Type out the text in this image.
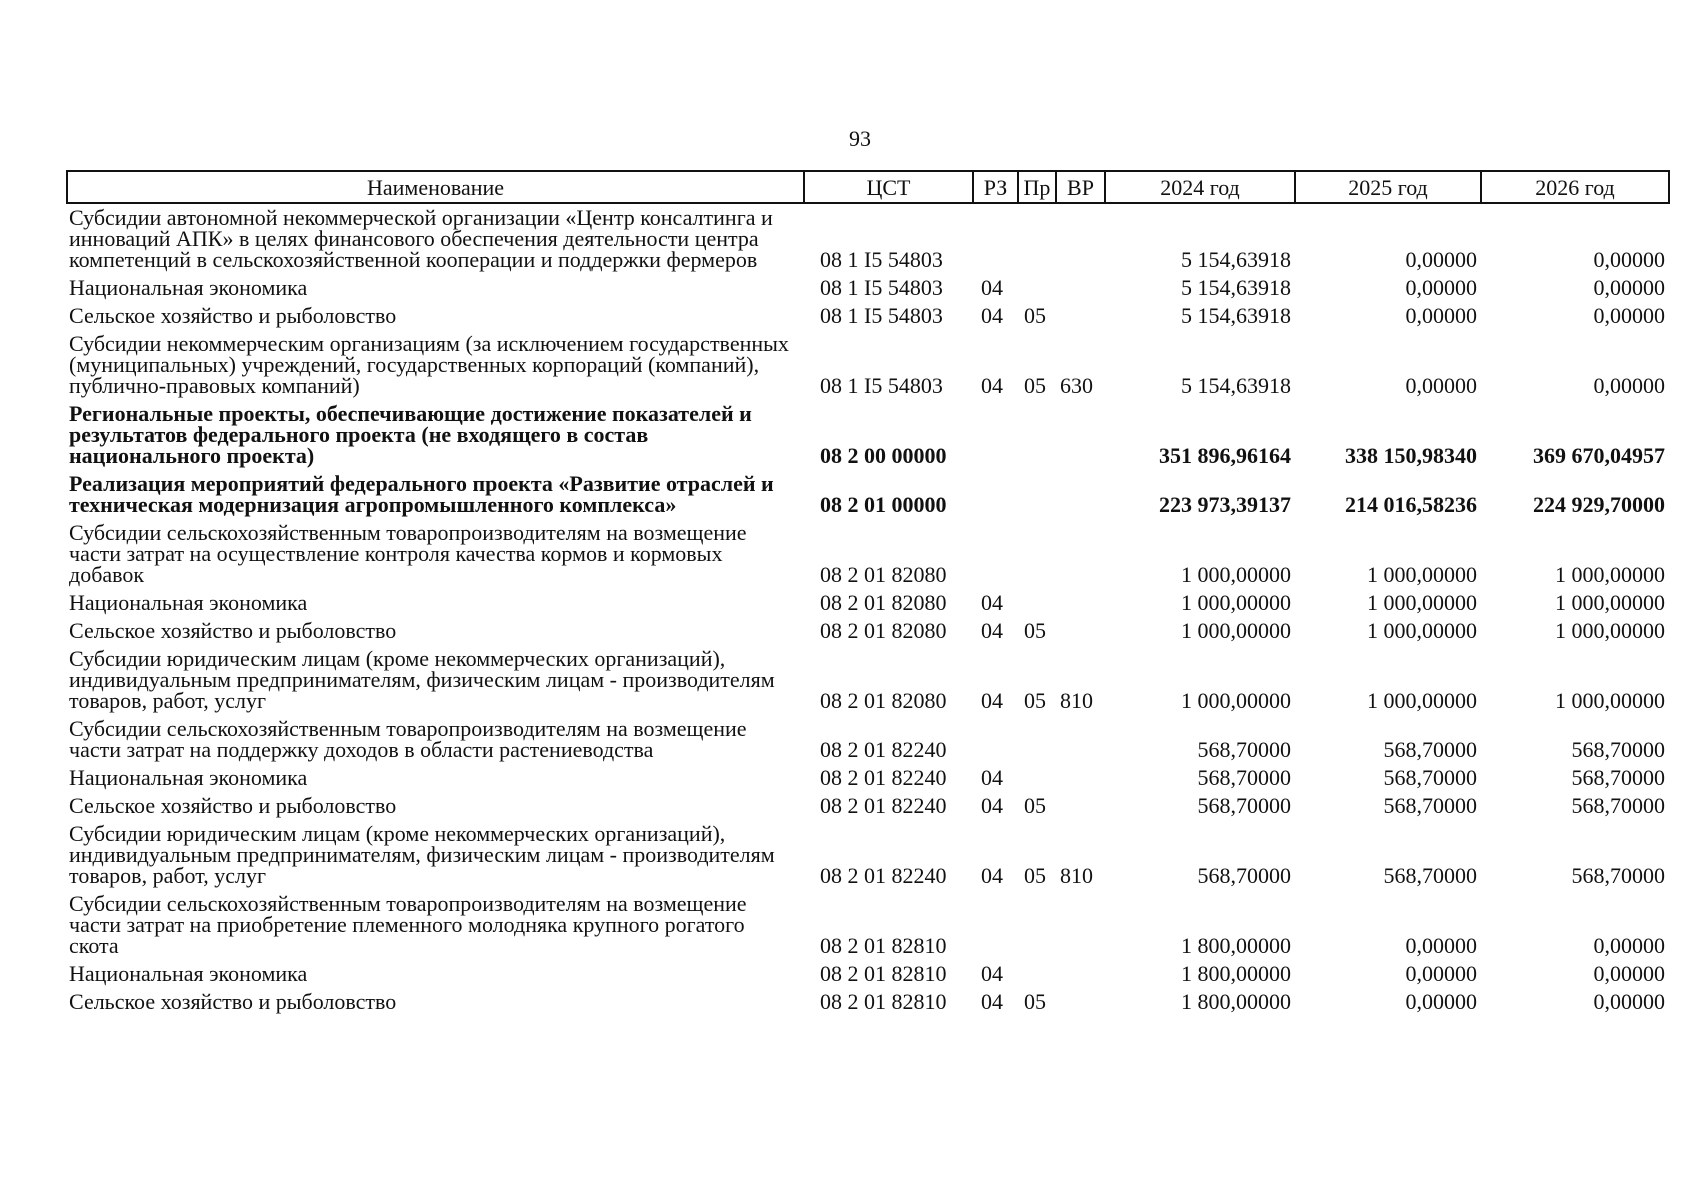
93
Наименование	ЦСТ	РЗ	Пр	ВР	2024 год	2025 год	2026 год
Субсидии автономной некоммерческой организации «Центр консалтинга и инноваций АПК» в целях финансового обеспечения деятельности центра компетенций в сельскохозяйственной кооперации и поддержки фермеров	08 1 I5 54803				5 154,63918	0,00000	0,00000
Национальная экономика	08 1 I5 54803	04			5 154,63918	0,00000	0,00000
Сельское хозяйство и рыболовство	08 1 I5 54803	04	05		5 154,63918	0,00000	0,00000
Субсидии некоммерческим организациям (за исключением государственных (муниципальных) учреждений, государственных корпораций (компаний), публично-правовых компаний)	08 1 I5 54803	04	05	630	5 154,63918	0,00000	0,00000
Региональные проекты, обеспечивающие достижение показателей и результатов федерального проекта (не входящего в состав национального проекта)	08 2 00 00000				351 896,96164	338 150,98340	369 670,04957
Реализация мероприятий федерального проекта «Развитие отраслей и техническая модернизация агропромышленного комплекса»	08 2 01 00000				223 973,39137	214 016,58236	224 929,70000
Субсидии сельскохозяйственным товаропроизводителям на возмещение части затрат на осуществление контроля качества кормов и кормовых добавок	08 2 01 82080				1 000,00000	1 000,00000	1 000,00000
Национальная экономика	08 2 01 82080	04			1 000,00000	1 000,00000	1 000,00000
Сельское хозяйство и рыболовство	08 2 01 82080	04	05		1 000,00000	1 000,00000	1 000,00000
Субсидии юридическим лицам (кроме некоммерческих организаций), индивидуальным предпринимателям, физическим лицам - производителям товаров, работ, услуг	08 2 01 82080	04	05	810	1 000,00000	1 000,00000	1 000,00000
Субсидии сельскохозяйственным товаропроизводителям на возмещение части затрат на поддержку доходов в области растениеводства	08 2 01 82240				568,70000	568,70000	568,70000
Национальная экономика	08 2 01 82240	04			568,70000	568,70000	568,70000
Сельское хозяйство и рыболовство	08 2 01 82240	04	05		568,70000	568,70000	568,70000
Субсидии юридическим лицам (кроме некоммерческих организаций), индивидуальным предпринимателям, физическим лицам - производителям товаров, работ, услуг	08 2 01 82240	04	05	810	568,70000	568,70000	568,70000
Субсидии сельскохозяйственным товаропроизводителям на возмещение части затрат на приобретение племенного молодняка крупного рогатого скота	08 2 01 82810				1 800,00000	0,00000	0,00000
Национальная экономика	08 2 01 82810	04			1 800,00000	0,00000	0,00000
Сельское хозяйство и рыболовство	08 2 01 82810	04	05		1 800,00000	0,00000	0,00000
